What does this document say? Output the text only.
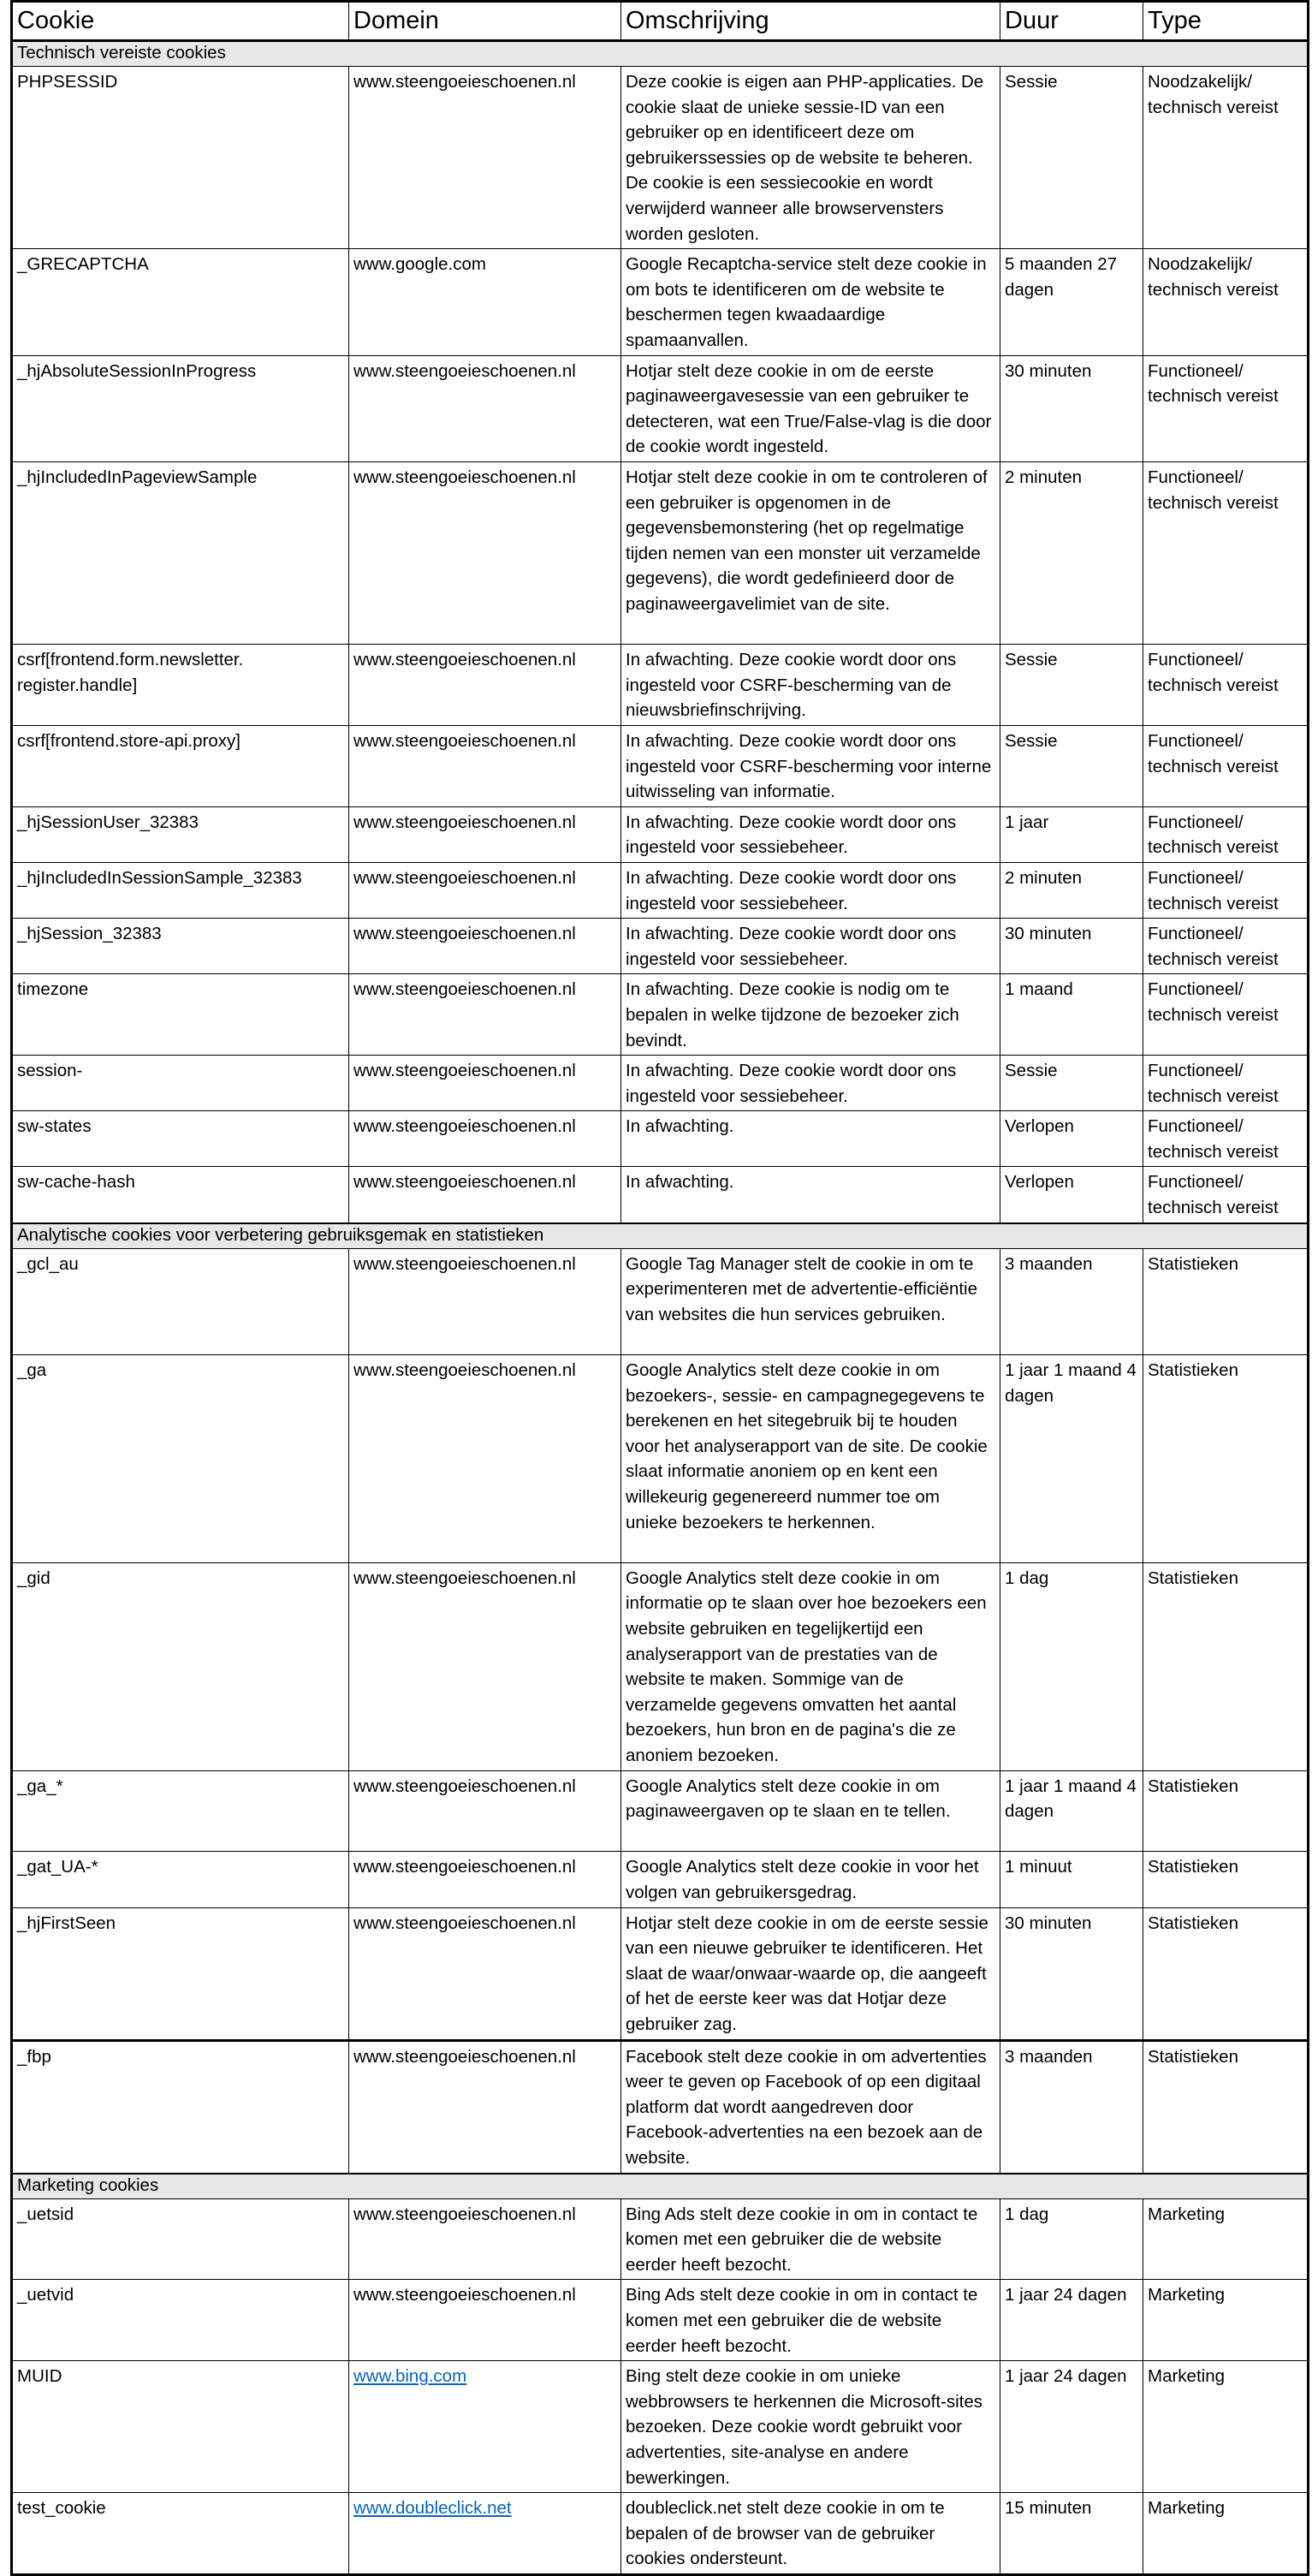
Cookie	Domein	Omschrijving	Duur	Type
Technisch vereiste cookies				
PHPSESSID	www.steengoeieschoenen.nl	Deze cookie is eigen aan PHP-applicaties. De cookie slaat de unieke sessie-ID van een gebruiker op en identificeert deze om gebruikerssessies op de website te beheren. De cookie is een sessiecookie en wordt verwijderd wanneer alle browservensters worden gesloten.	Sessie	Noodzakelijk/ technisch vereist
_GRECAPTCHA	www.google.com	Google Recaptcha-service stelt deze cookie in om bots te identificeren om de website te beschermen tegen kwaadaardige spamaanvallen.	5 maanden 27 dagen	Noodzakelijk/ technisch vereist
_hjAbsoluteSessionInProgress	www.steengoeieschoenen.nl	Hotjar stelt deze cookie in om de eerste paginaweergavesessie van een gebruiker te detecteren, wat een True/False-vlag is die door de cookie wordt ingesteld.	30 minuten	Functioneel/ technisch vereist
_hjIncludedInPageviewSample	www.steengoeieschoenen.nl	Hotjar stelt deze cookie in om te controleren of een gebruiker is opgenomen in de gegevensbemonstering (het op regelmatige tijden nemen van een monster uit verzamelde gegevens), die wordt gedefinieerd door de paginaweergavelimiet van de site.	2 minuten	Functioneel/ technisch vereist
csrf[frontend.form.newsletter. register.handle]	www.steengoeieschoenen.nl	In afwachting. Deze cookie wordt door ons ingesteld voor CSRF-bescherming van de nieuwsbriefinschrijving.	Sessie	Functioneel/ technisch vereist
csrf[frontend.store-api.proxy]	www.steengoeieschoenen.nl	In afwachting. Deze cookie wordt door ons ingesteld voor CSRF-bescherming voor interne uitwisseling van informatie.	Sessie	Functioneel/ technisch vereist
_hjSessionUser_32383	www.steengoeieschoenen.nl	In afwachting. Deze cookie wordt door ons ingesteld voor sessiebeheer.	1 jaar	Functioneel/ technisch vereist
_hjIncludedInSessionSample_32383	www.steengoeieschoenen.nl	In afwachting. Deze cookie wordt door ons ingesteld voor sessiebeheer.	2 minuten	Functioneel/ technisch vereist
_hjSession_32383	www.steengoeieschoenen.nl	In afwachting. Deze cookie wordt door ons ingesteld voor sessiebeheer.	30 minuten	Functioneel/ technisch vereist
timezone	www.steengoeieschoenen.nl	In afwachting. Deze cookie is nodig om te bepalen in welke tijdzone de bezoeker zich bevindt.	1 maand	Functioneel/ technisch vereist
session-	www.steengoeieschoenen.nl	In afwachting. Deze cookie wordt door ons ingesteld voor sessiebeheer.	Sessie	Functioneel/ technisch vereist
sw-states	www.steengoeieschoenen.nl	In afwachting.	Verlopen	Functioneel/ technisch vereist
sw-cache-hash	www.steengoeieschoenen.nl	In afwachting.	Verlopen	Functioneel/ technisch vereist
Analytische cookies voor verbetering gebruiksgemak en statistieken				
_gcl_au	www.steengoeieschoenen.nl	Google Tag Manager stelt de cookie in om te experimenteren met de advertentie-efficiëntie van websites die hun services gebruiken.	3 maanden	Statistieken
_ga	www.steengoeieschoenen.nl	Google Analytics stelt deze cookie in om bezoekers-, sessie- en campagnegegevens te berekenen en het sitegebruik bij te houden voor het analyserapport van de site. De cookie slaat informatie anoniem op en kent een willekeurig gegenereerd nummer toe om unieke bezoekers te herkennen.	1 jaar 1 maand 4 dagen	Statistieken
_gid	www.steengoeieschoenen.nl	Google Analytics stelt deze cookie in om informatie op te slaan over hoe bezoekers een website gebruiken en tegelijkertijd een analyserapport van de prestaties van de website te maken. Sommige van de verzamelde gegevens omvatten het aantal bezoekers, hun bron en de pagina's die ze anoniem bezoeken.	1 dag	Statistieken
_ga_*	www.steengoeieschoenen.nl	Google Analytics stelt deze cookie in om paginaweergaven op te slaan en te tellen.	1 jaar 1 maand 4 dagen	Statistieken
_gat_UA-*	www.steengoeieschoenen.nl	Google Analytics stelt deze cookie in voor het volgen van gebruikersgedrag.	1 minuut	Statistieken
_hjFirstSeen	www.steengoeieschoenen.nl	Hotjar stelt deze cookie in om de eerste sessie van een nieuwe gebruiker te identificeren. Het slaat de waar/onwaar-waarde op, die aangeeft of het de eerste keer was dat Hotjar deze gebruiker zag.	30 minuten	Statistieken
_fbp	www.steengoeieschoenen.nl	Facebook stelt deze cookie in om advertenties weer te geven op Facebook of op een digitaal platform dat wordt aangedreven door Facebook-advertenties na een bezoek aan de website.	3 maanden	Statistieken
Marketing cookies				
_uetsid	www.steengoeieschoenen.nl	Bing Ads stelt deze cookie in om in contact te komen met een gebruiker die de website eerder heeft bezocht.	1 dag	Marketing
_uetvid	www.steengoeieschoenen.nl	Bing Ads stelt deze cookie in om in contact te komen met een gebruiker die de website eerder heeft bezocht.	1 jaar 24 dagen	Marketing
MUID	www.bing.com	Bing stelt deze cookie in om unieke webbrowsers te herkennen die Microsoft-sites bezoeken. Deze cookie wordt gebruikt voor advertenties, site-analyse en andere bewerkingen.	1 jaar 24 dagen	Marketing
test_cookie	www.doubleclick.net	doubleclick.net stelt deze cookie in om te bepalen of de browser van de gebruiker cookies ondersteunt.	15 minuten	Marketing
